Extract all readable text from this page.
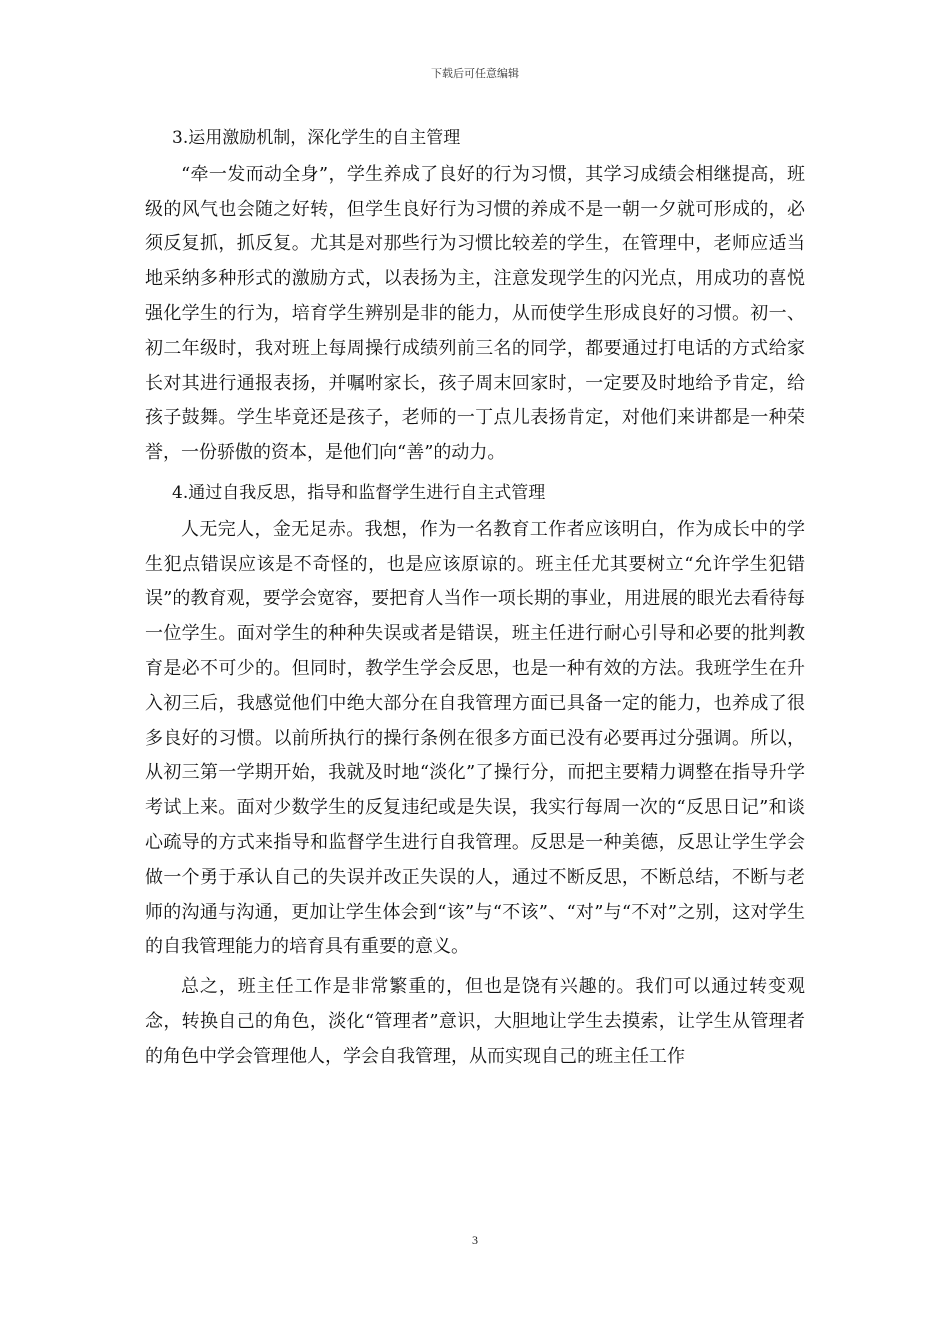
下载后可任意编辑

3.运用激励机制，深化学生的自主管理

“牵一发而动全身”，学生养成了良好的行为习惯，其学习成绩会相继提高，班级的风气也会随之好转，但学生良好行为习惯的养成不是一朝一夕就可形成的，必须反复抓，抓反复。尤其是对那些行为习惯比较差的学生，在管理中，老师应适当地采纳多种形式的激励方式，以表扬为主，注意发现学生的闪光点，用成功的喜悦强化学生的行为，培育学生辨别是非的能力，从而使学生形成良好的习惯。初一、初二年级时，我对班上每周操行成绩列前三名的同学，都要通过打电话的方式给家长对其进行通报表扬，并嘱咐家长，孩子周末回家时，一定要及时地给予肯定，给孩子鼓舞。学生毕竟还是孩子，老师的一丁点儿表扬肯定，对他们来讲都是一种荣誉，一份骄傲的资本，是他们向“善”的动力。

4.通过自我反思，指导和监督学生进行自主式管理

人无完人，金无足赤。我想，作为一名教育工作者应该明白，作为成长中的学生犯点错误应该是不奇怪的，也是应该原谅的。班主任尤其要树立“允许学生犯错误”的教育观，要学会宽容，要把育人当作一项长期的事业，用进展的眼光去看待每一位学生。面对学生的种种失误或者是错误，班主任进行耐心引导和必要的批判教育是必不可少的。但同时，教学生学会反思，也是一种有效的方法。我班学生在升入初三后，我感觉他们中绝大部分在自我管理方面已具备一定的能力，也养成了很多良好的习惯。以前所执行的操行条例在很多方面已没有必要再过分强调。所以，从初三第一学期开始，我就及时地“淡化”了操行分，而把主要精力调整在指导升学考试上来。面对少数学生的反复违纪或是失误，我实行每周一次的“反思日记”和谈心疏导的方式来指导和监督学生进行自我管理。反思是一种美德，反思让学生学会做一个勇于承认自己的失误并改正失误的人，通过不断反思，不断总结，不断与老师的沟通与沟通，更加让学生体会到“该”与“不该”、“对”与“不对”之别，这对学生的自我管理能力的培育具有重要的意义。

总之，班主任工作是非常繁重的，但也是饶有兴趣的。我们可以通过转变观念，转换自己的角色，淡化“管理者”意识，大胆地让学生去摸索，让学生从管理者的角色中学会管理他人，学会自我管理，从而实现自己的班主任工作

3
